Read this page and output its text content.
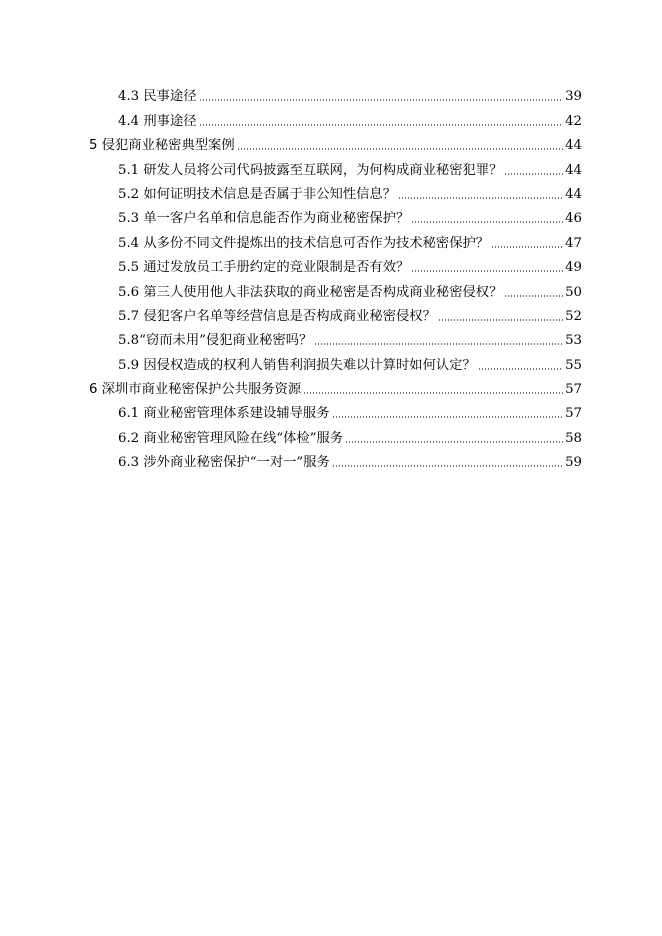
4.3 民事途径	39
4.4 刑事途径	42
5 侵犯商业秘密典型案例	44
5.1 研发人员将公司代码披露至互联网，为何构成商业秘密犯罪？	44
5.2 如何证明技术信息是否属于非公知性信息？	44
5.3 单一客户名单和信息能否作为商业秘密保护？	46
5.4 从多份不同文件提炼出的技术信息可否作为技术秘密保护？	47
5.5 通过发放员工手册约定的竞业限制是否有效？	49
5.6 第三人使用他人非法获取的商业秘密是否构成商业秘密侵权？	50
5.7 侵犯客户名单等经营信息是否构成商业秘密侵权？	52
5.8“窃而未用”侵犯商业秘密吗？	53
5.9 因侵权造成的权利人销售利润损失难以计算时如何认定？	55
6 深圳市商业秘密保护公共服务资源	57
6.1 商业秘密管理体系建设辅导服务	57
6.2 商业秘密管理风险在线“体检”服务	58
6.3 涉外商业秘密保护“一对一”服务	59
